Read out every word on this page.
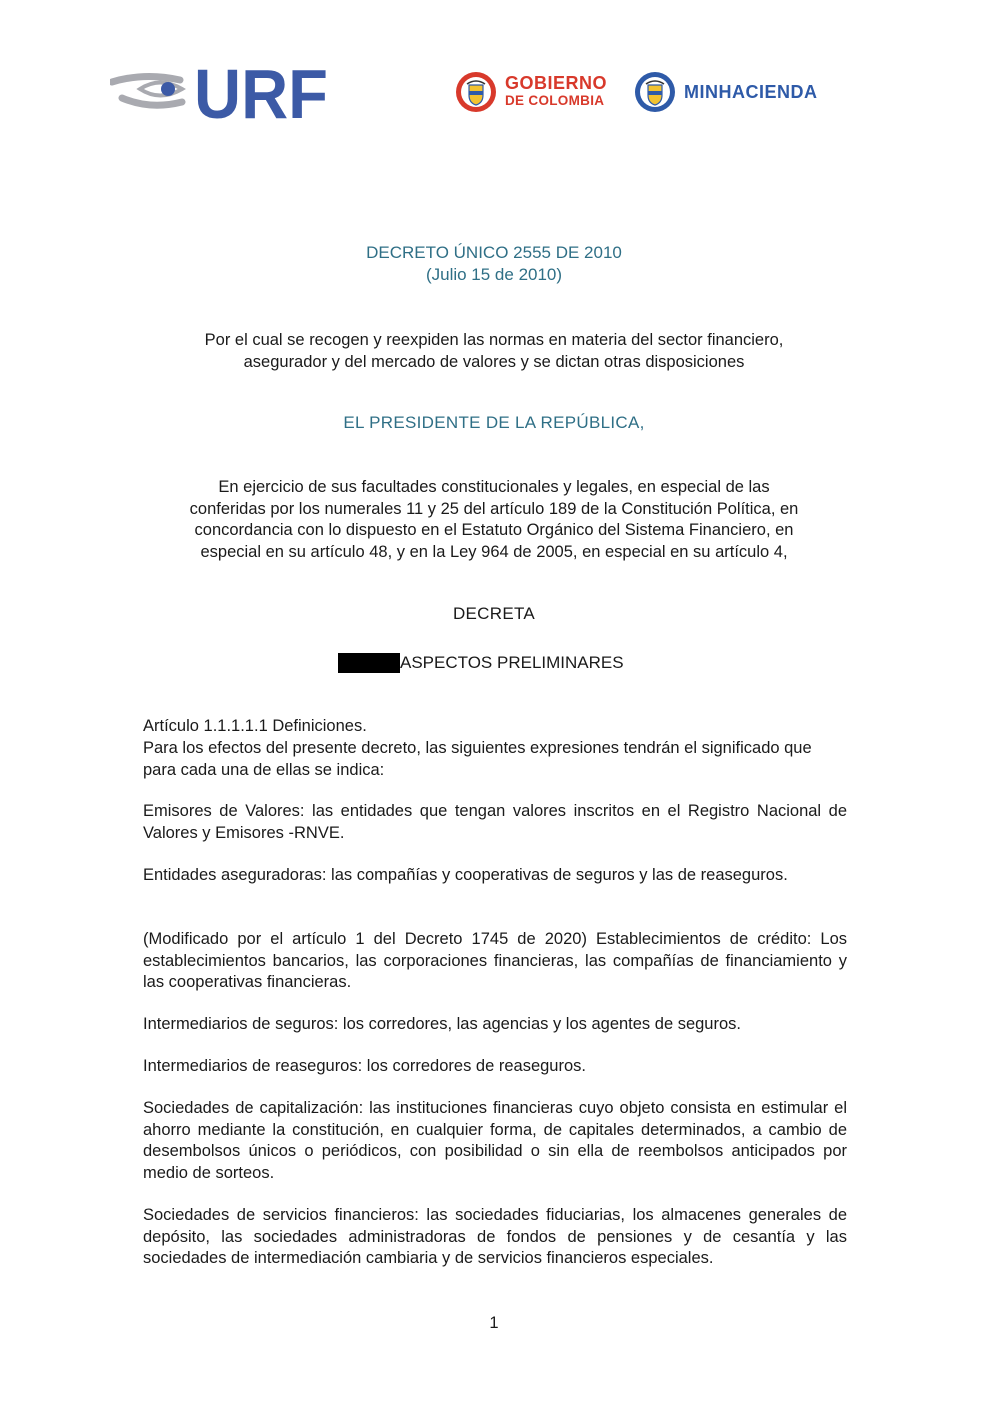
URF	GOBIERNO
DE COLOMBIA	MINHACIENDA
DECRETO ÚNICO 2555 DE 2010
(Julio 15 de 2010)
Por el cual se recogen y reexpiden las normas en materia del sector financiero,
asegurador y del mercado de valores y se dictan otras disposiciones
EL PRESIDENTE DE LA REPÚBLICA,
En ejercicio de sus facultades constitucionales y legales, en especial de las
conferidas por los numerales 11 y 25 del artículo 189 de la Constitución Política, en
concordancia con lo dispuesto en el Estatuto Orgánico del Sistema Financiero, en
especial en su artículo 48, y en la Ley 964 de 2005, en especial en su artículo 4,
DECRETA
ASPECTOS PRELIMINARES
Artículo 1.1.1.1.1 Definiciones.
Para los efectos del presente decreto, las siguientes expresiones tendrán el significado que para cada una de ellas se indica:
Emisores de Valores: las entidades que tengan valores inscritos en el Registro Nacional de Valores y Emisores -RNVE.
Entidades aseguradoras: las compañías y cooperativas de seguros y las de reaseguros.
(Modificado por el artículo 1 del Decreto 1745 de 2020) Establecimientos de crédito: Los establecimientos bancarios, las corporaciones financieras, las compañías de financiamiento y las cooperativas financieras.
Intermediarios de seguros: los corredores, las agencias y los agentes de seguros.
Intermediarios de reaseguros: los corredores de reaseguros.
Sociedades de capitalización: las instituciones financieras cuyo objeto consista en estimular el ahorro mediante la constitución, en cualquier forma, de capitales determinados, a cambio de desembolsos únicos o periódicos, con posibilidad o sin ella de reembolsos anticipados por medio de sorteos.
Sociedades de servicios financieros: las sociedades fiduciarias, los almacenes generales de depósito, las sociedades administradoras de fondos de pensiones y de cesantía y las sociedades de intermediación cambiaria y de servicios financieros especiales.
1
